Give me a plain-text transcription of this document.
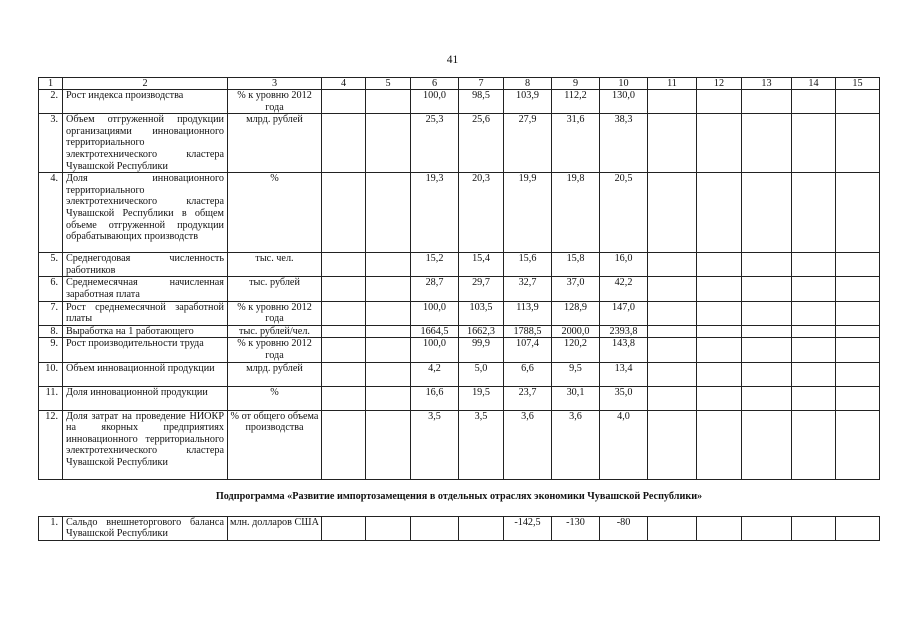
41
1	2	3	4	5	6	7	8	9	10	11	12	13	14	15
2.	Рост индекса производства	% к уровню 2012 года			100,0	98,5	103,9	112,2	130,0					
3.	Объем отгруженной продукции организациями инновационного территориального электротехнического кластера Чувашской Республики	млрд. рублей			25,3	25,6	27,9	31,6	38,3					
4.	Доля инновационного территориального электротехнического кластера Чувашской Республики в общем объеме отгруженной продукции обрабатывающих производств	%			19,3	20,3	19,9	19,8	20,5					
5.	Среднегодовая численность работников	тыс. чел.			15,2	15,4	15,6	15,8	16,0					
6.	Среднемесячная начисленная заработная плата	тыс. рублей			28,7	29,7	32,7	37,0	42,2					
7.	Рост среднемесячной заработной платы	% к уровню 2012 года			100,0	103,5	113,9	128,9	147,0					
8.	Выработка на 1 работающего	тыс. рублей/чел.			1664,5	1662,3	1788,5	2000,0	2393,8					
9.	Рост производительности труда	% к уровню 2012 года			100,0	99,9	107,4	120,2	143,8					
10.	Объем инновационной продукции	млрд. рублей			4,2	5,0	6,6	9,5	13,4					
11.	Доля инновационной продукции	%			16,6	19,5	23,7	30,1	35,0					
12.	Доля затрат на проведение НИОКР на якорных предприятиях инновационного территориального электротехнического кластера Чувашской Республики	% от общего объема производства			3,5	3,5	3,6	3,6	4,0					
Подпрограмма «Развитие импортозамещения в отдельных отраслях экономики Чувашской Республики»														
1.	Сальдо внешнеторгового баланса Чувашской Республики	млн. долларов США					-142,5	-130	-80					
